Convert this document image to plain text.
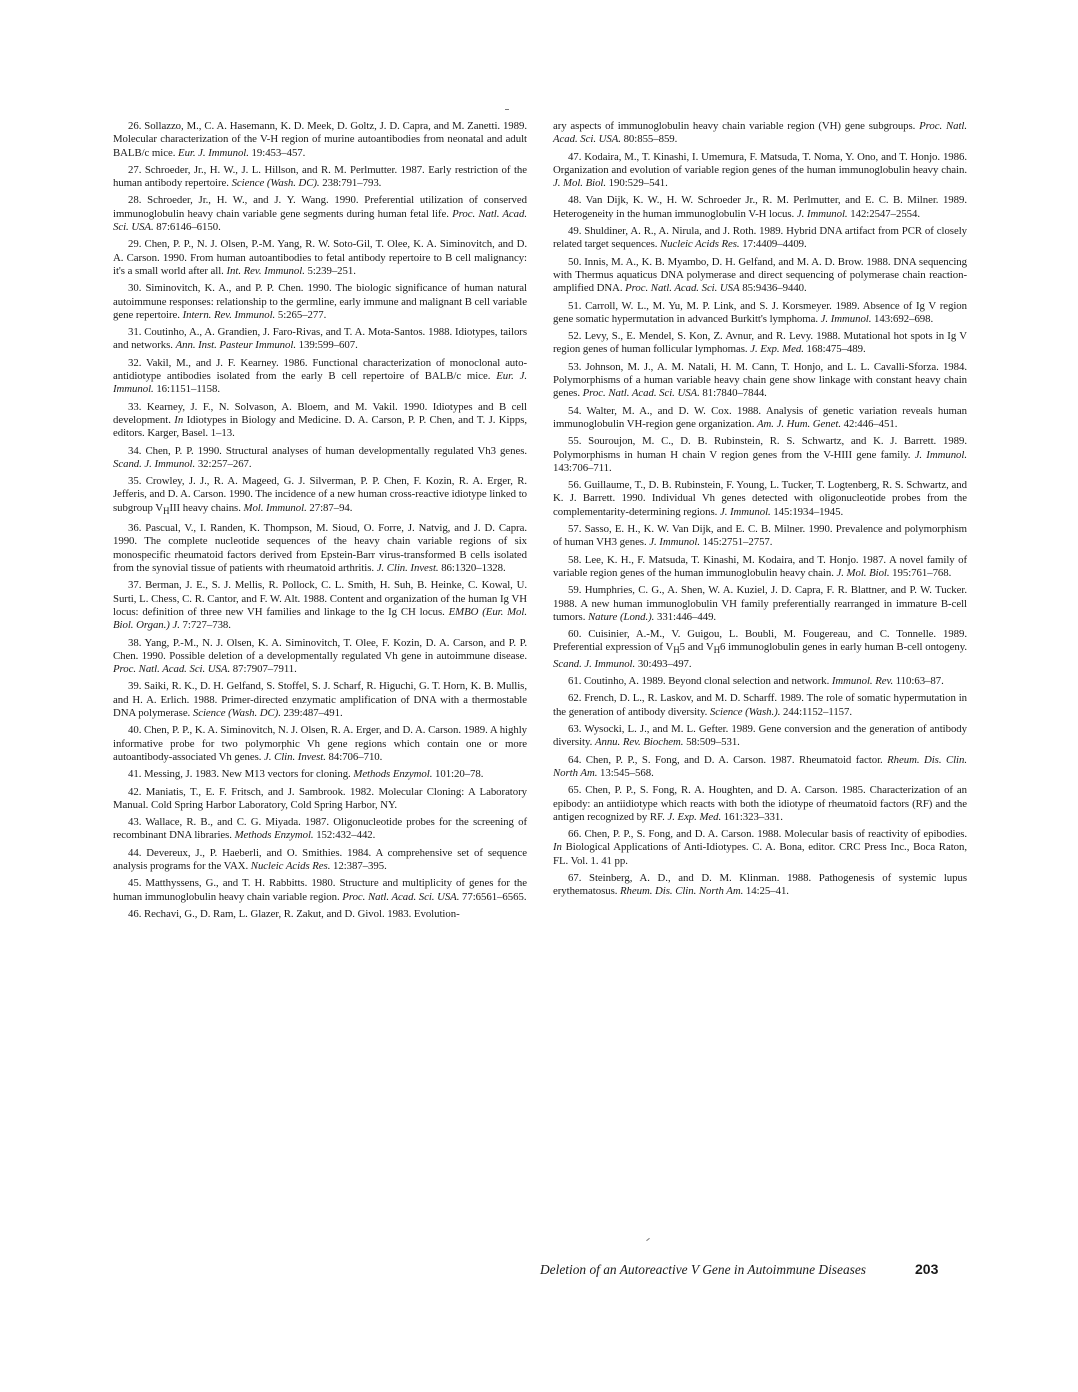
26. Sollazzo, M., C. A. Hasemann, K. D. Meek, D. Goltz, J. D. Capra, and M. Zanetti. 1989. Molecular characterization of the V-H region of murine autoantibodies from neonatal and adult BALB/c mice. Eur. J. Immunol. 19:453–457.

27. Schroeder, Jr., H. W., J. L. Hillson, and R. M. Perlmutter. 1987. Early restriction of the human antibody repertoire. Science (Wash. DC). 238:791–793.

28. Schroeder, Jr., H. W., and J. Y. Wang. 1990. Preferential utilization of conserved immunoglobulin heavy chain variable gene segments during human fetal life. Proc. Natl. Acad. Sci. USA. 87:6146–6150.

29. Chen, P. P., N. J. Olsen, P.-M. Yang, R. W. Soto-Gil, T. Olee, K. A. Siminovitch, and D. A. Carson. 1990. From human autoantibodies to fetal antibody repertoire to B cell malignancy: it's a small world after all. Int. Rev. Immunol. 5:239–251.

30. Siminovitch, K. A., and P. P. Chen. 1990. The biologic significance of human natural autoimmune responses: relationship to the germline, early immune and malignant B cell variable gene repertoire. Intern. Rev. Immunol. 5:265–277.

31. Coutinho, A., A. Grandien, J. Faro-Rivas, and T. A. Mota-Santos. 1988. Idiotypes, tailors and networks. Ann. Inst. Pasteur Immunol. 139:599–607.

32. Vakil, M., and J. F. Kearney. 1986. Functional characterization of monoclonal auto-antidiotype antibodies isolated from the early B cell repertoire of BALB/c mice. Eur. J. Immunol. 16:1151–1158.

33. Kearney, J. F., N. Solvason, A. Bloem, and M. Vakil. 1990. Idiotypes and B cell development. In Idiotypes in Biology and Medicine. D. A. Carson, P. P. Chen, and T. J. Kipps, editors. Karger, Basel. 1–13.

34. Chen, P. P. 1990. Structural analyses of human developmentally regulated Vh3 genes. Scand. J. Immunol. 32:257–267.

35. Crowley, J. J., R. A. Mageed, G. J. Silverman, P. P. Chen, F. Kozin, R. A. Erger, R. Jefferis, and D. A. Carson. 1990. The incidence of a new human cross-reactive idiotype linked to subgroup $V_HIII$ heavy chains. Mol. Immunol. 27:87–94.

36. Pascual, V., I. Randen, K. Thompson, M. Sioud, O. Forre, J. Natvig, and J. D. Capra. 1990. The complete nucleotide sequences of the heavy chain variable regions of six monospecific rheumatoid factors derived from Epstein-Barr virus-transformed B cells isolated from the synovial tissue of patients with rheumatoid arthritis. J. Clin. Invest. 86:1320–1328.

37. Berman, J. E., S. J. Mellis, R. Pollock, C. L. Smith, H. Suh, B. Heinke, C. Kowal, U. Surti, L. Chess, C. R. Cantor, and F. W. Alt. 1988. Content and organization of the human Ig VH locus: definition of three new VH families and linkage to the Ig CH locus. EMBO (Eur. Mol. Biol. Organ.) J. 7:727–738.

38. Yang, P.-M., N. J. Olsen, K. A. Siminovitch, T. Olee, F. Kozin, D. A. Carson, and P. P. Chen. 1990. Possible deletion of a developmentally regulated Vh gene in autoimmune disease. Proc. Natl. Acad. Sci. USA. 87:7907–7911.

39. Saiki, R. K., D. H. Gelfand, S. Stoffel, S. J. Scharf, R. Higuchi, G. T. Horn, K. B. Mullis, and H. A. Erlich. 1988. Primer-directed enzymatic amplification of DNA with a thermostable DNA polymerase. Science (Wash. DC). 239:487–491.

40. Chen, P. P., K. A. Siminovitch, N. J. Olsen, R. A. Erger, and D. A. Carson. 1989. A highly informative probe for two polymorphic Vh gene regions which contain one or more autoantibody-associated Vh genes. J. Clin. Invest. 84:706–710.

41. Messing, J. 1983. New M13 vectors for cloning. Methods Enzymol. 101:20–78.

42. Maniatis, T., E. F. Fritsch, and J. Sambrook. 1982. Molecular Cloning: A Laboratory Manual. Cold Spring Harbor Laboratory, Cold Spring Harbor, NY.

43. Wallace, R. B., and C. G. Miyada. 1987. Oligonucleotide probes for the screening of recombinant DNA libraries. Methods Enzymol. 152:432–442.

44. Devereux, J., P. Haeberli, and O. Smithies. 1984. A comprehensive set of sequence analysis programs for the VAX. Nucleic Acids Res. 12:387–395.

45. Matthyssens, G., and T. H. Rabbitts. 1980. Structure and multiplicity of genes for the human immunoglobulin heavy chain variable region. Proc. Natl. Acad. Sci. USA. 77:6561–6565.

46. Rechavi, G., D. Ram, L. Glazer, R. Zakut, and D. Givol. 1983. Evolution-

ary aspects of immunoglobulin heavy chain variable region (VH) gene subgroups. Proc. Natl. Acad. Sci. USA. 80:855–859.

47. Kodaira, M., T. Kinashi, I. Umemura, F. Matsuda, T. Noma, Y. Ono, and T. Honjo. 1986. Organization and evolution of variable region genes of the human immunoglobulin heavy chain. J. Mol. Biol. 190:529–541.

48. Van Dijk, K. W., H. W. Schroeder Jr., R. M. Perlmutter, and E. C. B. Milner. 1989. Heterogeneity in the human immunoglobulin V-H locus. J. Immunol. 142:2547–2554.

49. Shuldiner, A. R., A. Nirula, and J. Roth. 1989. Hybrid DNA artifact from PCR of closely related target sequences. Nucleic Acids Res. 17:4409–4409.

50. Innis, M. A., K. B. Myambo, D. H. Gelfand, and M. A. D. Brow. 1988. DNA sequencing with Thermus aquaticus DNA polymerase and direct sequencing of polymerase chain reaction-amplified DNA. Proc. Natl. Acad. Sci. USA 85:9436–9440.

51. Carroll, W. L., M. Yu, M. P. Link, and S. J. Korsmeyer. 1989. Absence of Ig V region gene somatic hypermutation in advanced Burkitt's lymphoma. J. Immunol. 143:692–698.

52. Levy, S., E. Mendel, S. Kon, Z. Avnur, and R. Levy. 1988. Mutational hot spots in Ig V region genes of human follicular lymphomas. J. Exp. Med. 168:475–489.

53. Johnson, M. J., A. M. Natali, H. M. Cann, T. Honjo, and L. L. Cavalli-Sforza. 1984. Polymorphisms of a human variable heavy chain gene show linkage with constant heavy chain genes. Proc. Natl. Acad. Sci. USA. 81:7840–7844.

54. Walter, M. A., and D. W. Cox. 1988. Analysis of genetic variation reveals human immunoglobulin VH-region gene organization. Am. J. Hum. Genet. 42:446–451.

55. Souroujon, M. C., D. B. Rubinstein, R. S. Schwartz, and K. J. Barrett. 1989. Polymorphisms in human H chain V region genes from the V-HIII gene family. J. Immunol. 143:706–711.

56. Guillaume, T., D. B. Rubinstein, F. Young, L. Tucker, T. Logtenberg, R. S. Schwartz, and K. J. Barrett. 1990. Individual Vh genes detected with oligonucleotide probes from the complementarity-determining regions. J. Immunol. 145:1934–1945.

57. Sasso, E. H., K. W. Van Dijk, and E. C. B. Milner. 1990. Prevalence and polymorphism of human VH3 genes. J. Immunol. 145:2751–2757.

58. Lee, K. H., F. Matsuda, T. Kinashi, M. Kodaira, and T. Honjo. 1987. A novel family of variable region genes of the human immunoglobulin heavy chain. J. Mol. Biol. 195:761–768.

59. Humphries, C. G., A. Shen, W. A. Kuziel, J. D. Capra, F. R. Blattner, and P. W. Tucker. 1988. A new human immunoglobulin VH family preferentially rearranged in immature B-cell tumors. Nature (Lond.). 331:446–449.

60. Cuisinier, A.-M., V. Guigou, L. Boubli, M. Fougereau, and C. Tonnelle. 1989. Preferential expression of $V_H5$ and $V_H6$ immunoglobulin genes in early human B-cell ontogeny. Scand. J. Immunol. 30:493–497.

61. Coutinho, A. 1989. Beyond clonal selection and network. Immunol. Rev. 110:63–87.

62. French, D. L., R. Laskov, and M. D. Scharff. 1989. The role of somatic hypermutation in the generation of antibody diversity. Science (Wash.). 244:1152–1157.

63. Wysocki, L. J., and M. L. Gefter. 1989. Gene conversion and the generation of antibody diversity. Annu. Rev. Biochem. 58:509–531.

64. Chen, P. P., S. Fong, and D. A. Carson. 1987. Rheumatoid factor. Rheum. Dis. Clin. North Am. 13:545–568.

65. Chen, P. P., S. Fong, R. A. Houghten, and D. A. Carson. 1985. Characterization of an epibody: an antiidiotype which reacts with both the idiotype of rheumatoid factors (RF) and the antigen recognized by RF. J. Exp. Med. 161:323–331.

66. Chen, P. P., S. Fong, and D. A. Carson. 1988. Molecular basis of reactivity of epibodies. In Biological Applications of Anti-Idiotypes. C. A. Bona, editor. CRC Press Inc., Boca Raton, FL. Vol. 1. 41 pp.

67. Steinberg, A. D., and D. M. Klinman. 1988. Pathogenesis of systemic lupus erythematosus. Rheum. Dis. Clin. North Am. 14:25–41.

Deletion of an Autoreactive V Gene in Autoimmune Diseases	203
